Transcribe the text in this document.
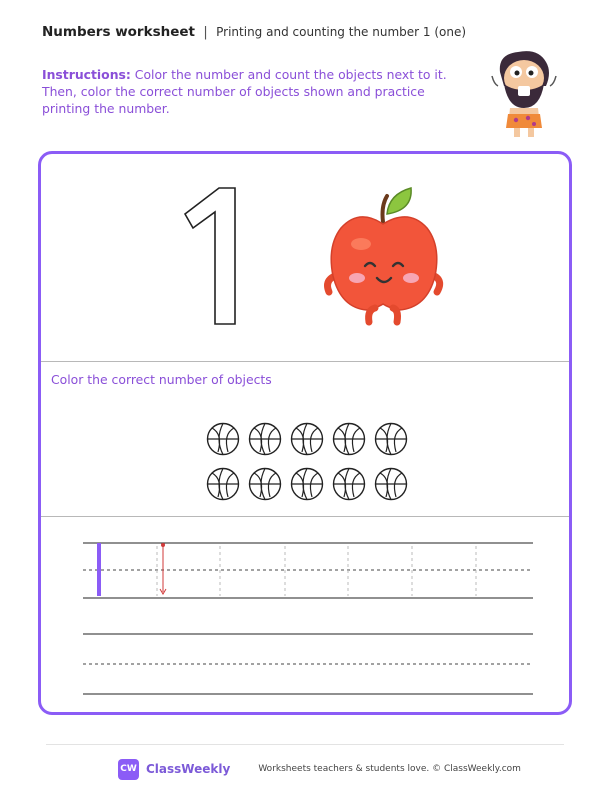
Numbers worksheet | Printing and counting the number 1 (one)
Instructions: Color the number and count the objects next to it. Then, color the correct number of objects shown and practice printing the number.
Color the correct number of objects
CW ClassWeekly	Worksheets teachers & students love. © ClassWeekly.com
